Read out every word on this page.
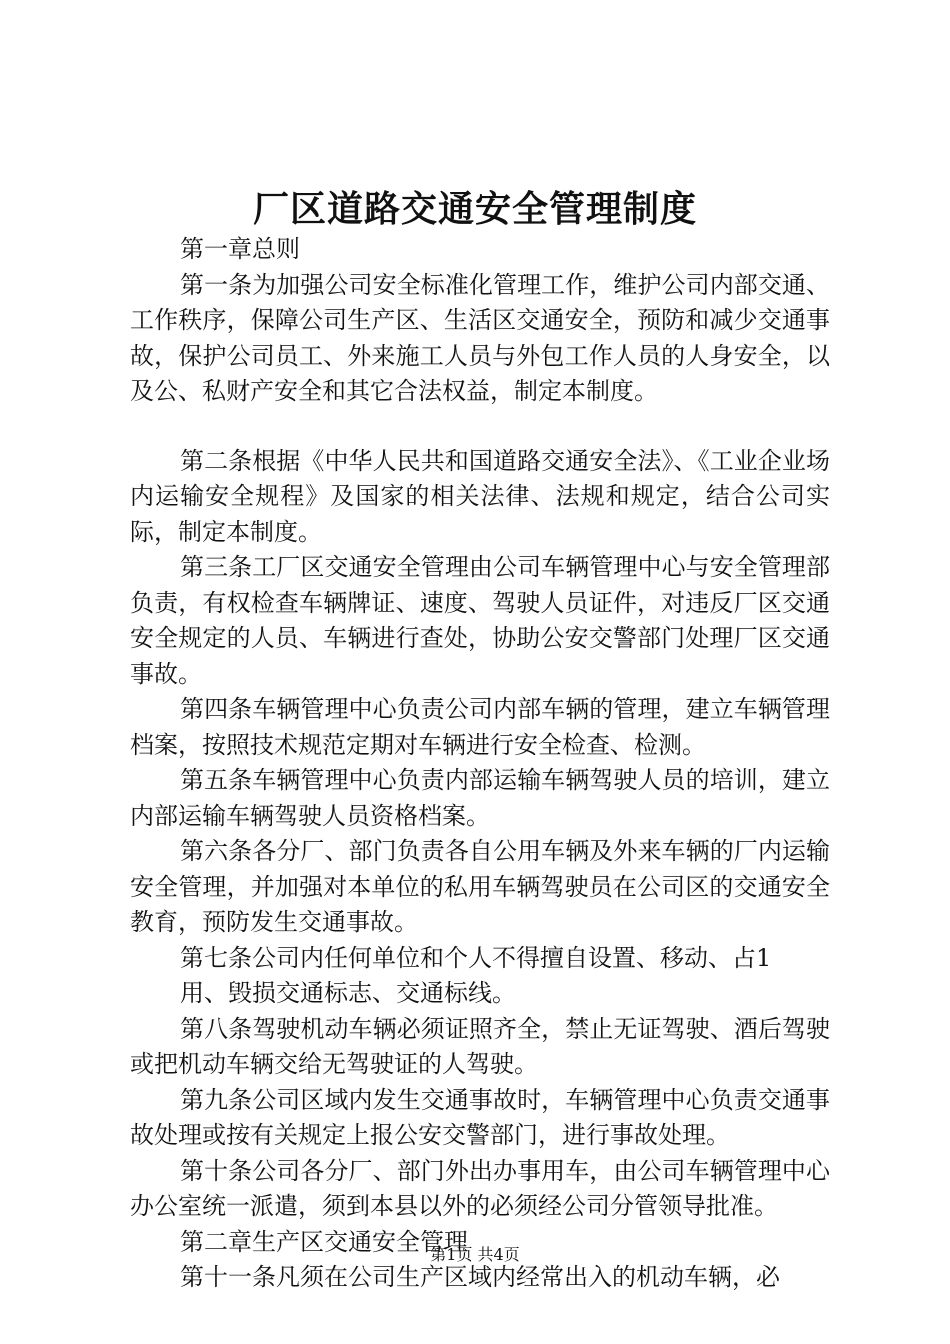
厂区道路交通安全管理制度

第一章总则

第一条为加强公司安全标准化管理工作，维护公司内部交通、工作秩序，保障公司生产区、生活区交通安全，预防和减少交通事故，保护公司员工、外来施工人员与外包工作人员的人身安全，以及公、私财产安全和其它合法权益，制定本制度。

第二条根据《中华人民共和国道路交通安全法》、《工业企业场内运输安全规程》及国家的相关法律、法规和规定，结合公司实际，制定本制度。

第三条工厂区交通安全管理由公司车辆管理中心与安全管理部负责，有权检查车辆牌证、速度、驾驶人员证件，对违反厂区交通安全规定的人员、车辆进行查处，协助公安交警部门处理厂区交通事故。

第四条车辆管理中心负责公司内部车辆的管理，建立车辆管理档案，按照技术规范定期对车辆进行安全检查、检测。

第五条车辆管理中心负责内部运输车辆驾驶人员的培训，建立内部运输车辆驾驶人员资格档案。

第六条各分厂、部门负责各自公用车辆及外来车辆的厂内运输安全管理，并加强对本单位的私用车辆驾驶员在公司区的交通安全教育，预防发生交通事故。

第七条公司内任何单位和个人不得擅自设置、移动、占1

用、毁损交通标志、交通标线。

第八条驾驶机动车辆必须证照齐全，禁止无证驾驶、酒后驾驶或把机动车辆交给无驾驶证的人驾驶。

第九条公司区域内发生交通事故时，车辆管理中心负责交通事故处理或按有关规定上报公安交警部门，进行事故处理。

第十条公司各分厂、部门外出办事用车，由公司车辆管理中心办公室统一派遣，须到本县以外的必须经公司分管领导批准。

第二章生产区交通安全管理

第十一条凡须在公司生产区域内经常出入的机动车辆，必

第1页 共4页
